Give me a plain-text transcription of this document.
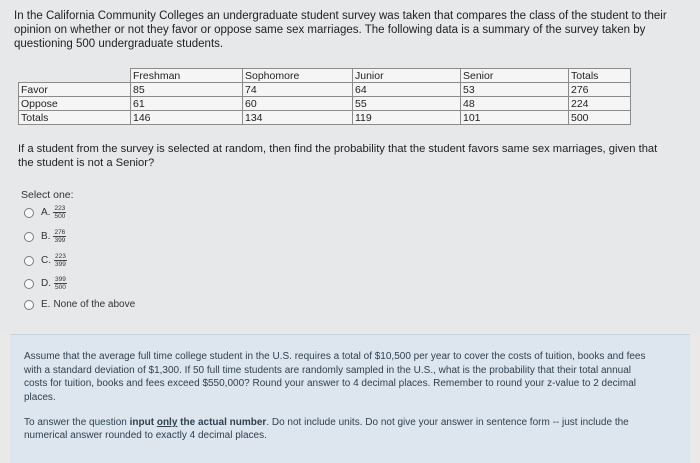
In the California Community Colleges an undergraduate student survey was taken that compares the class of the student to their opinion on whether or not they favor or oppose same sex marriages. The following data is a summary of the survey taken by questioning 500 undergraduate students.
	Freshman	Sophomore	Junior	Senior	Totals
Favor	85	74	64	53	276
Oppose	61	60	55	48	224
Totals	146	134	119	101	500
If a student from the survey is selected at random, then find the probability that the student favors same sex marriages, given that the student is not a Senior?
Select one:
A. $\frac{223}{500}$
B. $\frac{276}{399}$
C. $\frac{223}{399}$
D. $\frac{399}{500}$
E. None of the above
Assume that the average full time college student in the U.S. requires a total of $10,500 per year to cover the costs of tuition, books and fees with a standard deviation of $1,300. If 50 full time students are randomly sampled in the U.S., what is the probability that their total annual costs for tuition, books and fees exceed $550,000? Round your answer to 4 decimal places. Remember to round your z-value to 2 decimal places.
To answer the question input only the actual number. Do not include units. Do not give your answer in sentence form -- just include the numerical answer rounded to exactly 4 decimal places.
